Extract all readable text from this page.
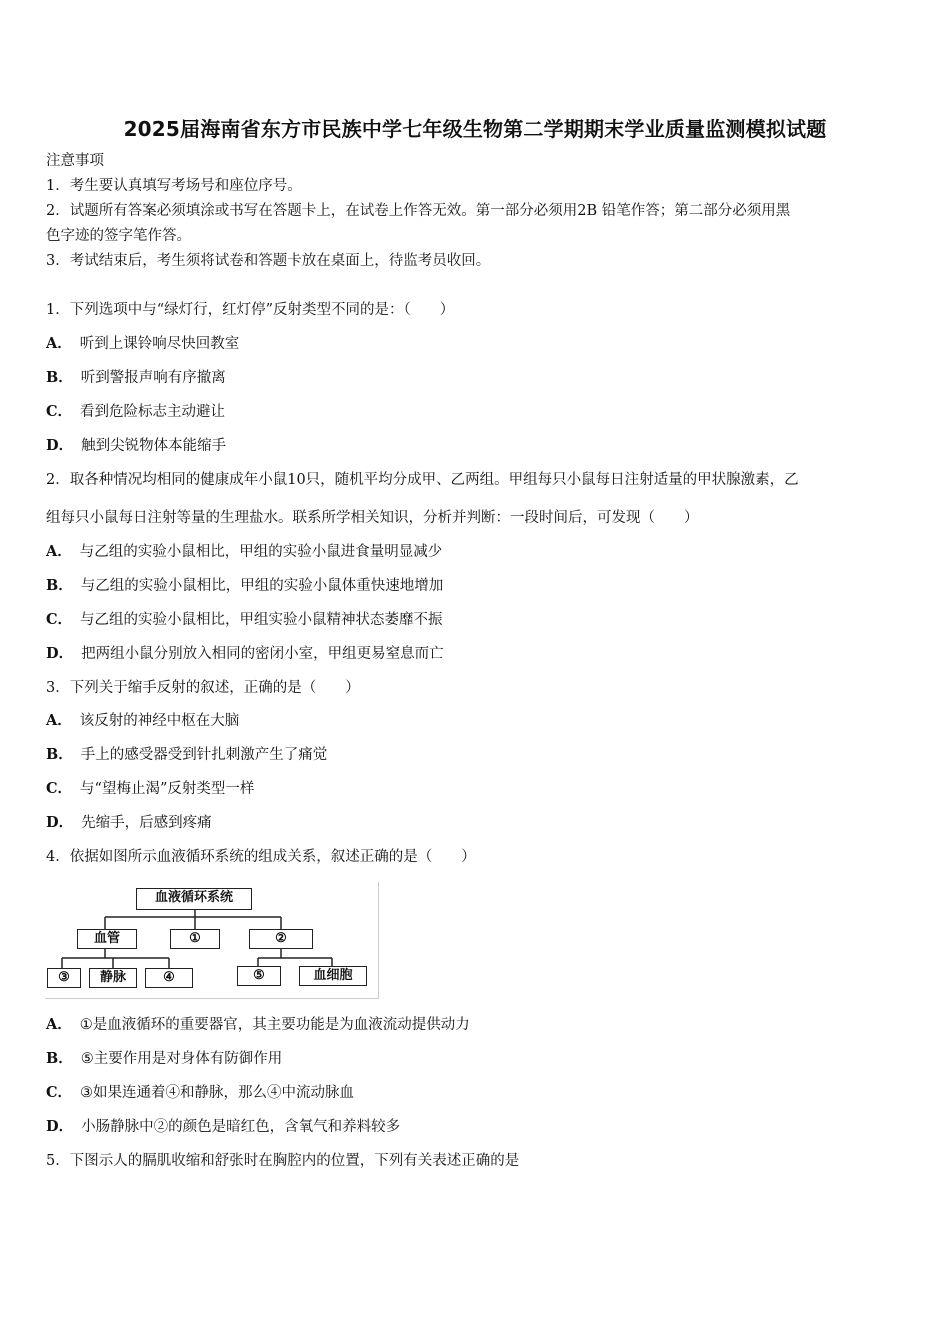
2025届海南省东方市民族中学七年级生物第二学期期末学业质量监测模拟试题
注意事项
1．考生要认真填写考场号和座位序号。
2．试题所有答案必须填涂或书写在答题卡上，在试卷上作答无效。第一部分必须用2B 铅笔作答；第二部分必须用黑
色字迹的签字笔作答。
3．考试结束后，考生须将试卷和答题卡放在桌面上，待监考员收回。
1．下列选项中与“绿灯行，红灯停”反射类型不同的是：（　　）
A． 听到上课铃响尽快回教室
B． 听到警报声响有序撤离
C． 看到危险标志主动避让
D． 触到尖锐物体本能缩手
2．取各种情况均相同的健康成年小鼠10只，随机平均分成甲、乙两组。甲组每只小鼠每日注射适量的甲状腺激素，乙
组每只小鼠每日注射等量的生理盐水。联系所学相关知识，分析并判断：一段时间后，可发现（　　）
A． 与乙组的实验小鼠相比，甲组的实验小鼠进食量明显减少
B． 与乙组的实验小鼠相比，甲组的实验小鼠体重快速地增加
C． 与乙组的实验小鼠相比，甲组实验小鼠精神状态萎靡不振
D． 把两组小鼠分别放入相同的密闭小室，甲组更易窒息而亡
3．下列关于缩手反射的叙述，正确的是（　　）
A． 该反射的神经中枢在大脑
B． 手上的感受器受到针扎刺激产生了痛觉
C． 与“望梅止渴”反射类型一样
D． 先缩手，后感到疼痛
4．依据如图所示血液循环系统的组成关系，叙述正确的是（　　）
血液循环系统
血管	①	②
③	静脉	④	⑤	血细胞
A． ①是血液循环的重要器官，其主要功能是为血液流动提供动力
B． ⑤主要作用是对身体有防御作用
C． ③如果连通着④和静脉，那么④中流动脉血
D． 小肠静脉中②的颜色是暗红色，含氧气和养料较多
5．下图示人的膈肌收缩和舒张时在胸腔内的位置，下列有关表述正确的是
